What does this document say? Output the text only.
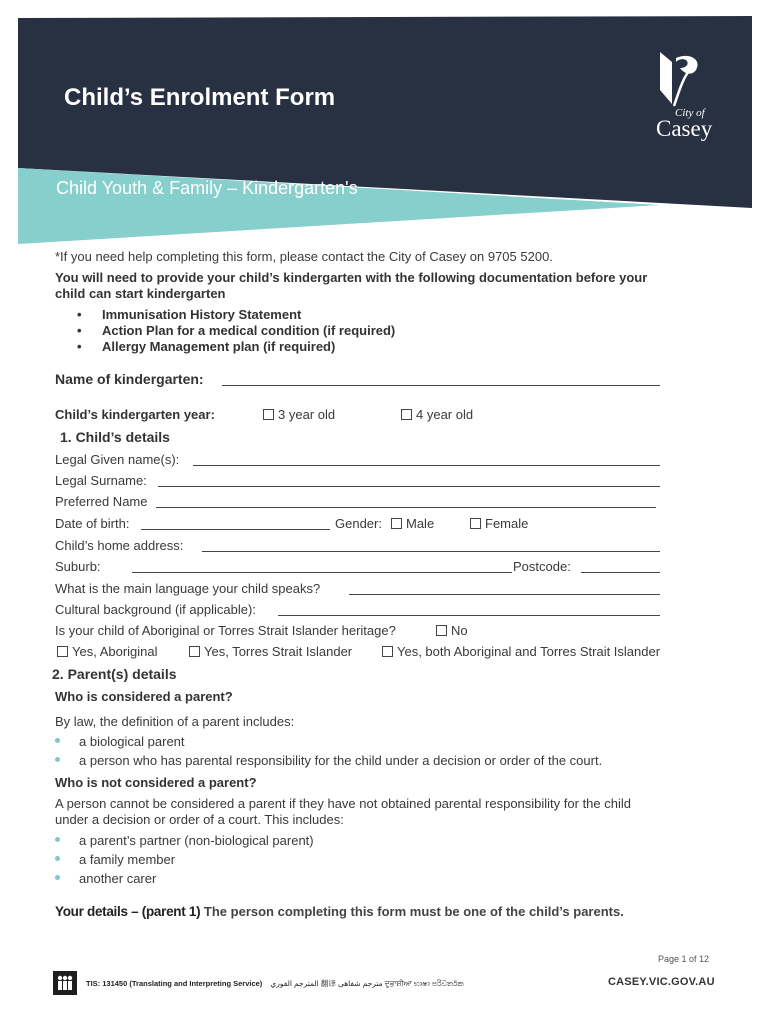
Child’s Enrolment Form
Child Youth & Family – Kindergarten's
City of
Casey
*If you need help completing this form, please contact the City of Casey on 9705 5200.
You will need to provide your child’s kindergarten with the following documentation before your
child can start kindergarten
• Immunisation History Statement
• Action Plan for a medical condition (if required)
• Allergy Management plan (if required)
Name of kindergarten:
Child’s kindergarten year:	3 year old	4 year old
1. Child’s details
Legal Given name(s):
Legal Surname:
Preferred Name
Date of birth:	Gender:	Male	Female
Child’s home address:
Suburb:	Postcode:
What is the main language your child speaks?
Cultural background (if applicable):
Is your child of Aboriginal or Torres Strait Islander heritage?	No
Yes, Aboriginal	Yes, Torres Strait Islander	Yes, both Aboriginal and Torres Strait Islander
2. Parent(s) details
Who is considered a parent?
By law, the definition of a parent includes:
a biological parent
a person who has parental responsibility for the child under a decision or order of the court.
Who is not considered a parent?
A person cannot be considered a parent if they have not obtained parental responsibility for the child
under a decision or order of a court. This includes:
a parent’s partner (non-biological parent)
a family member
another carer
Your details – (parent 1) The person completing this form must be one of the child’s parents.
Page 1 of 12
TIS: 131450 (Translating and Interpreting Service) المترجم الفوري 翻译 مترجم شفاهی ਦੁਭਾਸ਼ੀਆ භාෂා පරිවර්තක	CASEY.VIC.GOV.AU
